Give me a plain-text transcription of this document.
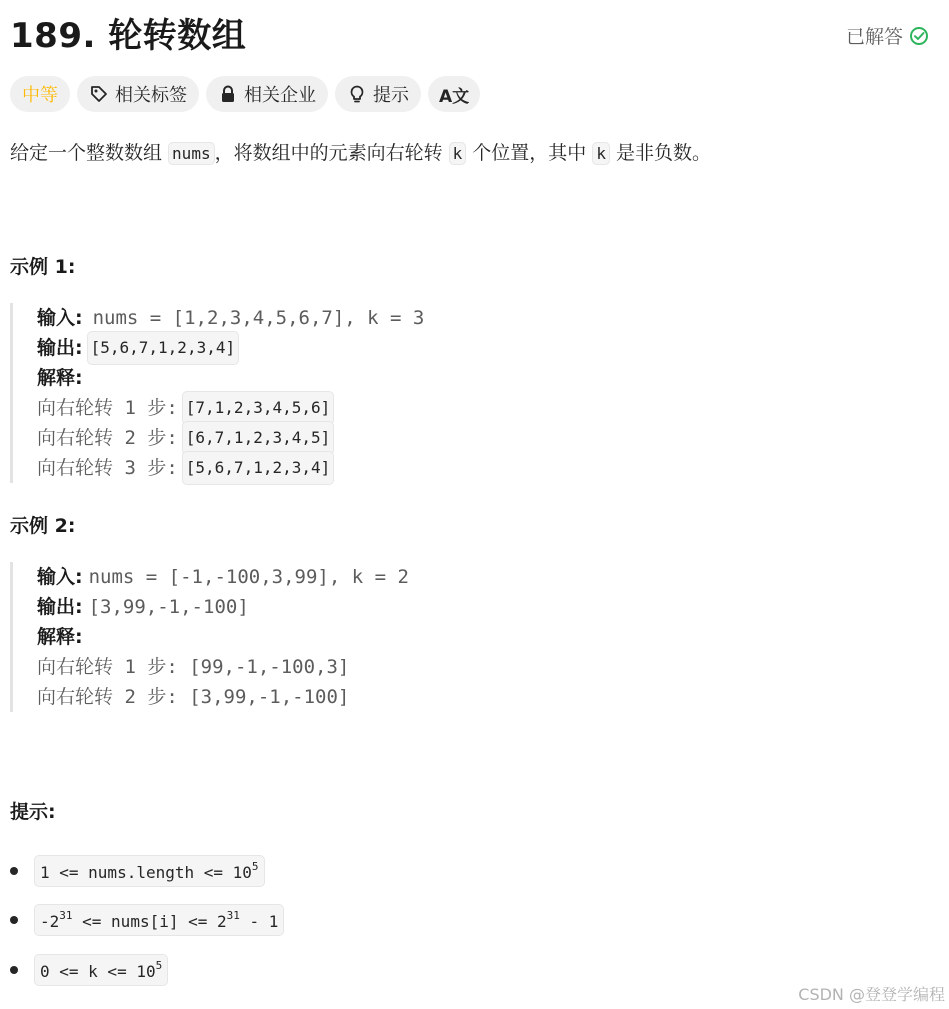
189. 轮转数组	已解答
中等	相关标签	相关企业	提示 A文
给定一个整数数组 nums ，将数组中的元素向右轮转 k 个位置，其中 k 是非负数。
示例 1:
输入: nums = [1,2,3,4,5,6,7], k = 3
输出: [5,6,7,1,2,3,4]
解释:
向右轮转 1 步: [7,1,2,3,4,5,6]
向右轮转 2 步: [6,7,1,2,3,4,5]
向右轮转 3 步: [5,6,7,1,2,3,4]
示例 2:
输入: nums = [-1,-100,3,99], k = 2
输出: [3,99,-1,-100]
解释:
向右轮转 1 步: [99,-1,-100,3]
向右轮转 2 步: [3,99,-1,-100]
提示:
1 <= nums.length <= $10^5$
$-2^{31}$ <= nums[i] <= $2^{31} - 1$
$0 <= k <= 10^5$
CSDN @登登学编程
